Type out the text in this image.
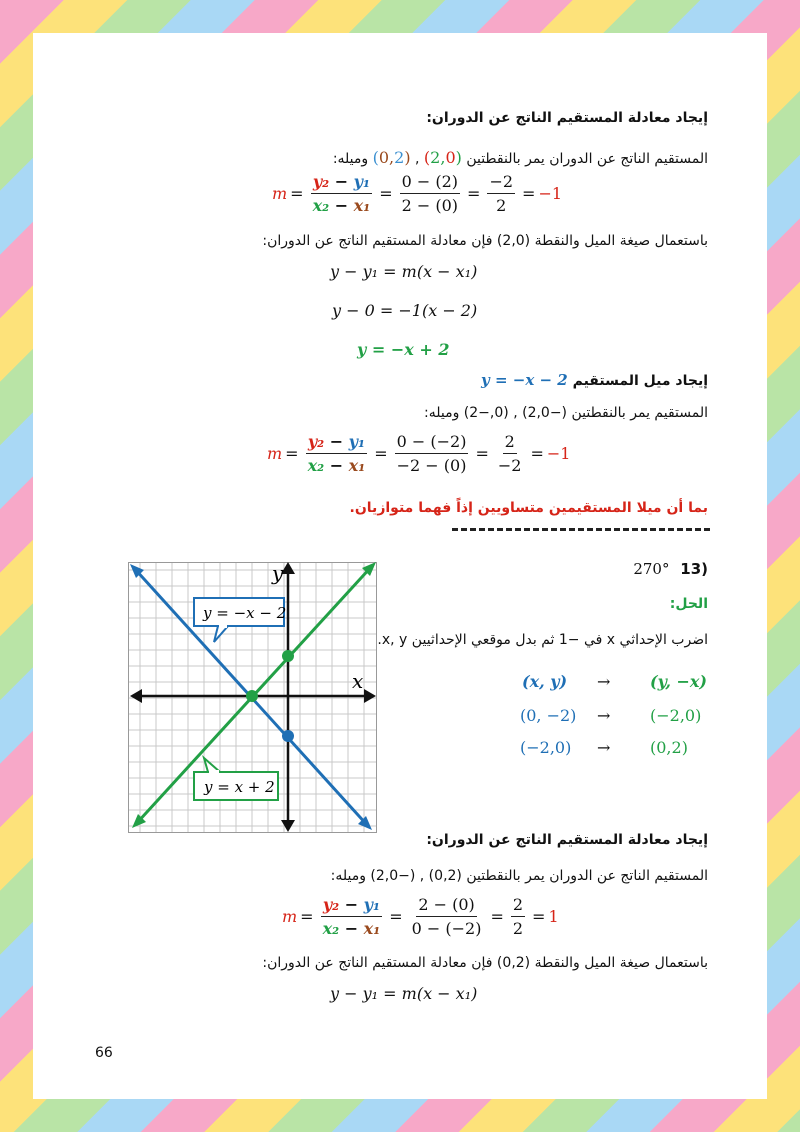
إيجاد معادلة المستقيم الناتج عن الدوران:
المستقيم الناتج عن الدوران يمر بالنقطتين (2,0) , (0,2) وميله:
$m = \frac{\text{y₂ − y₁}}{\text{x₂ − x₁}} = \frac{0 - (2)}{2 - (0)} = \frac{-2}{2} = -1$
باستعمال صيغة الميل والنقطة (2,0) فإن معادلة المستقيم الناتج عن الدوران:
y − y₁ = m(x − x₁)
y − 0 = −1(x − 2)
y = −x + 2
إيجاد ميل المستقيم y = −x − 2
المستقيم يمر بالنقطتين (−2,0) , (0,−2) وميله:
$m = \frac{\text{y₂ − y₁}}{\text{x₂ − x₁}} = \frac{0 - (-2)}{-2 - (0)} = \frac{2}{-2} = -1$
بما أن ميلا المستقيمين متساويين إذاً فهما متوازيان.
y
x
y = −x − 2
y = x + 2
(13 270°
الحل:
اضرب الإحداثي x في −1 ثم بدل موقعي الإحداثيين x, y.
(x, y) → (y, −x)
(0, −2) → (−2,0)
(−2,0) → (0,2)
إيجاد معادلة المستقيم الناتج عن الدوران:
المستقيم الناتج عن الدوران يمر بالنقطتين (0,2) , (−2,0) وميله:
$m = \frac{\text{y₂ − y₁}}{\text{x₂ − x₁}} = \frac{2 - (0)}{0 - (-2)} = \frac{2}{2} = 1$
باستعمال صيغة الميل والنقطة (0,2) فإن معادلة المستقيم الناتج عن الدوران:
y − y₁ = m(x − x₁)
66
